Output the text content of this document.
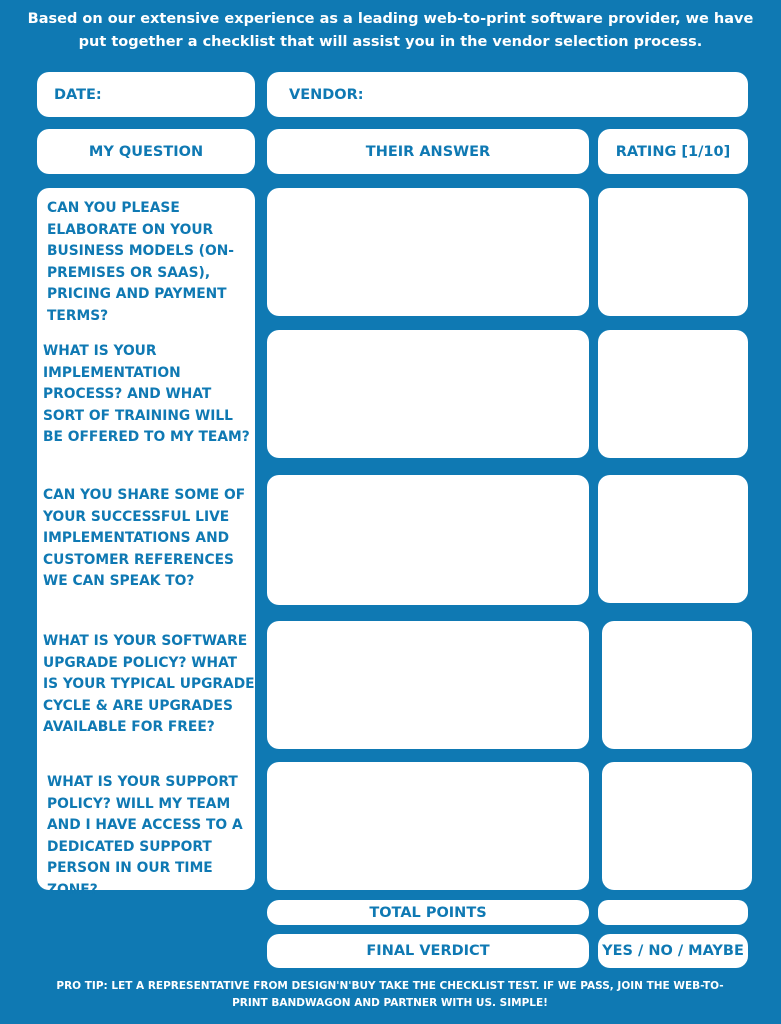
Based on our extensive experience as a leading web-to-print software provider, we have put together a checklist that will assist you in the vendor selection process.
DATE:	VENDOR:
MY QUESTION	THEIR ANSWER	RATING [1/10]
CAN YOU PLEASE ELABORATE ON YOUR BUSINESS MODELS (ON-PREMISES OR SAAS), PRICING AND PAYMENT TERMS?
WHAT IS YOUR IMPLEMENTATION PROCESS? AND WHAT SORT OF TRAINING WILL BE OFFERED TO MY TEAM?
CAN YOU SHARE SOME OF YOUR SUCCESSFUL LIVE IMPLEMENTATIONS AND CUSTOMER REFERENCES WE CAN SPEAK TO?
WHAT IS YOUR SOFTWARE UPGRADE POLICY? WHAT IS YOUR TYPICAL UPGRADE CYCLE & ARE UPGRADES AVAILABLE FOR FREE?
WHAT IS YOUR SUPPORT POLICY? WILL MY TEAM AND I HAVE ACCESS TO A DEDICATED SUPPORT PERSON IN OUR TIME ZONE?
TOTAL POINTS
FINAL VERDICT	YES / NO / MAYBE
PRO TIP: LET A REPRESENTATIVE FROM DESIGN'N'BUY TAKE THE CHECKLIST TEST. IF WE PASS, JOIN THE WEB-TO-PRINT BANDWAGON AND PARTNER WITH US. SIMPLE!
